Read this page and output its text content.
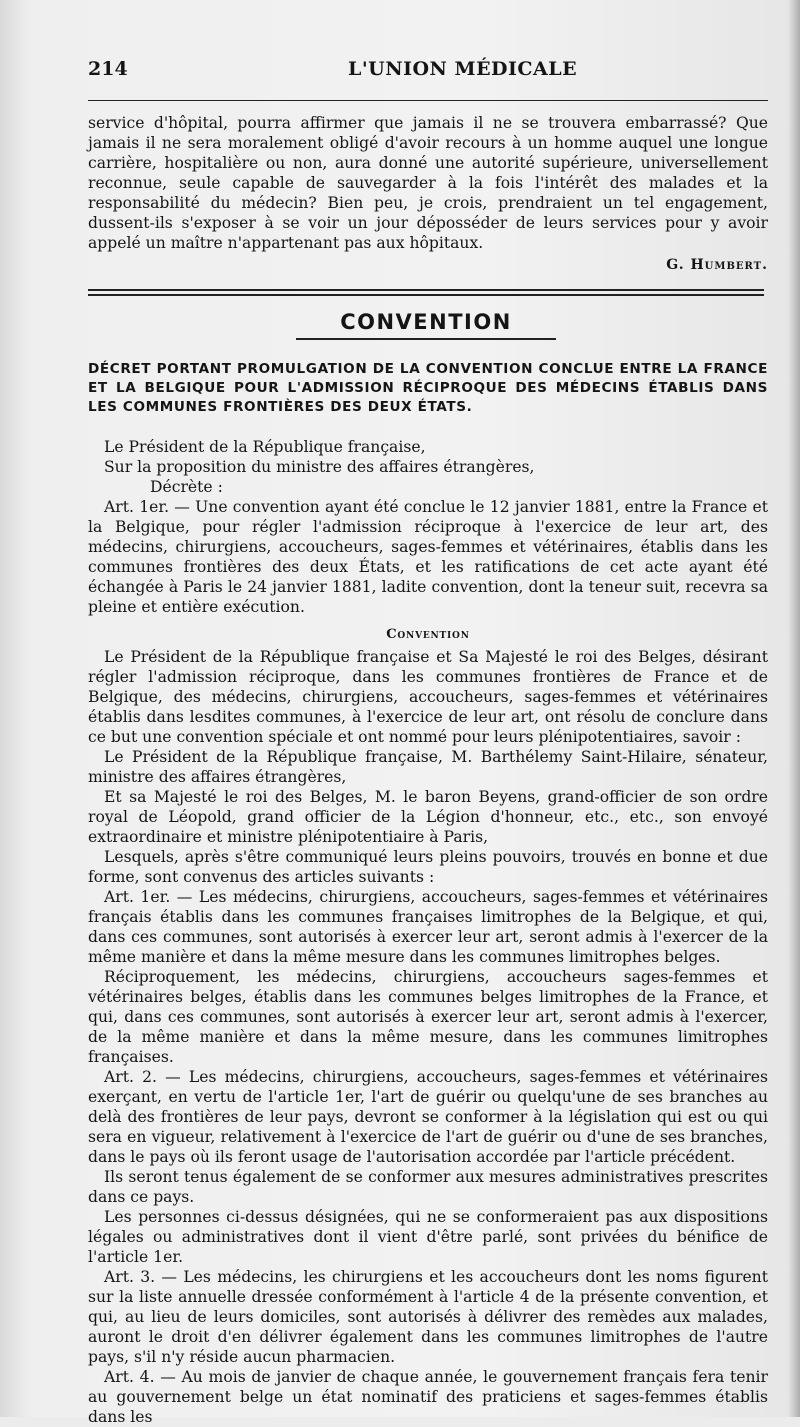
214	L'UNION MÉDICALE

service d'hôpital, pourra affirmer que jamais il ne se trouvera embarrassé? Que jamais il ne sera moralement obligé d'avoir recours à un homme auquel une longue carrière, hospitalière ou non, aura donné une autorité supérieure, universellement reconnue, seule capable de sauvegarder à la fois l'intérêt des malades et la responsabilité du médecin? Bien peu, je crois, prendraient un tel engagement, dussent-ils s'exposer à se voir un jour déposséder de leurs services pour y avoir appelé un maître n'appartenant pas aux hôpitaux.

G. Humbert.
CONVENTION
DÉCRET PORTANT PROMULGATION DE LA CONVENTION CONCLUE ENTRE LA FRANCE ET LA BELGIQUE POUR L'ADMISSION RÉCIPROQUE DES MÉDECINS ÉTABLIS DANS LES COMMUNES FRONTIÈRES DES DEUX ÉTATS.

Le Président de la République française,

Sur la proposition du ministre des affaires étrangères,

Décrète :

Art. 1er. — Une convention ayant été conclue le 12 janvier 1881, entre la France et la Belgique, pour régler l'admission réciproque à l'exercice de leur art, des médecins, chirurgiens, accoucheurs, sages-femmes et vétérinaires, établis dans les communes frontières des deux États, et les ratifications de cet acte ayant été échangée à Paris le 24 janvier 1881, ladite convention, dont la teneur suit, recevra sa pleine et entière exécution.

Convention

Le Président de la République française et Sa Majesté le roi des Belges, désirant régler l'admission réciproque, dans les communes frontières de France et de Belgique, des médecins, chirurgiens, accoucheurs, sages-femmes et vétérinaires établis dans lesdites communes, à l'exercice de leur art, ont résolu de conclure dans ce but une convention spéciale et ont nommé pour leurs plénipotentiaires, savoir :

Le Président de la République française, M. Barthélemy Saint-Hilaire, sénateur, ministre des affaires étrangères,

Et sa Majesté le roi des Belges, M. le baron Beyens, grand-officier de son ordre royal de Léopold, grand officier de la Légion d'honneur, etc., etc., son envoyé extraordinaire et ministre plénipotentiaire à Paris,

Lesquels, après s'être communiqué leurs pleins pouvoirs, trouvés en bonne et due forme, sont convenus des articles suivants :

Art. 1er. — Les médecins, chirurgiens, accoucheurs, sages-femmes et vétérinaires français établis dans les communes françaises limitrophes de la Belgique, et qui, dans ces communes, sont autorisés à exercer leur art, seront admis à l'exercer de la même manière et dans la même mesure dans les communes limitrophes belges.

Réciproquement, les médecins, chirurgiens, accoucheurs sages-femmes et vétérinaires belges, établis dans les communes belges limitrophes de la France, et qui, dans ces communes, sont autorisés à exercer leur art, seront admis à l'exercer, de la même manière et dans la même mesure, dans les communes limitrophes françaises.

Art. 2. — Les médecins, chirurgiens, accoucheurs, sages-femmes et vétérinaires exerçant, en vertu de l'article 1er, l'art de guérir ou quelqu'une de ses branches au delà des frontières de leur pays, devront se conformer à la législation qui est ou qui sera en vigueur, relativement à l'exercice de l'art de guérir ou d'une de ses branches, dans le pays où ils feront usage de l'autorisation accordée par l'article précédent.

Ils seront tenus également de se conformer aux mesures administratives prescrites dans ce pays.

Les personnes ci-dessus désignées, qui ne se conformeraient pas aux dispositions légales ou administratives dont il vient d'être parlé, sont privées du bénifice de l'article 1er.

Art. 3. — Les médecins, les chirurgiens et les accoucheurs dont les noms figurent sur la liste annuelle dressée conformément à l'article 4 de la présente convention, et qui, au lieu de leurs domiciles, sont autorisés à délivrer des remèdes aux malades, auront le droit d'en délivrer également dans les communes limitrophes de l'autre pays, s'il n'y réside aucun pharmacien.

Art. 4. — Au mois de janvier de chaque année, le gouvernement français fera tenir au gouvernement belge un état nominatif des praticiens et sages-femmes établis dans les
